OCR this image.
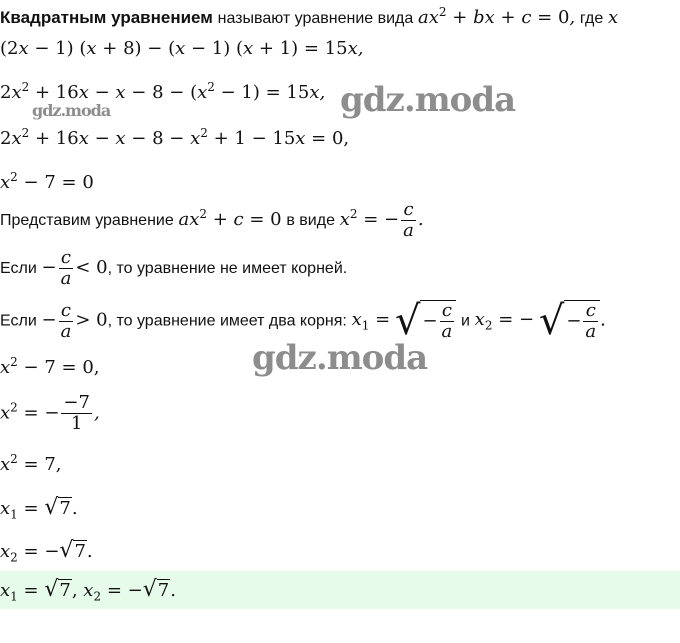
Квадратным уравнением называют уравнение вида $ax^2$ + bx + c = 0, где x
(2x − 1) (x + 8) − (x − 1) (x + 1) = 15x,
$2x^2 + 16x - x - 8 - (x^2 - 1) = 15x$, gdz.moda
gdz.moda
$2x^2 + 16x - x - 8 - x^2 + 1 - 15x = 0$,
$x^2 - 7 = 0$
Представим уравнение $ax^2 + c = 0$ в виде $x^2$ = − $\frac{c}{a}$ .
Если − $\frac{c}{a} < 0$, то уравнение не имеет корней.
Если − $\frac{c}{a} > 0$, то уравнение имеет два корня: $x_1$ = √ − $\frac{c}{a}$ и $x_2$ = − √ − $\frac{c}{a}$ .
gdz.moda
$x^2 - 7 = 0$,
$x^2$ = − $\frac{-7}{1}$ ,
$x^2 = 7$,
$x_1 = √7$.
$x_2 = -√7$.
$x_1 = √7$, $x_2 = -√7$.
